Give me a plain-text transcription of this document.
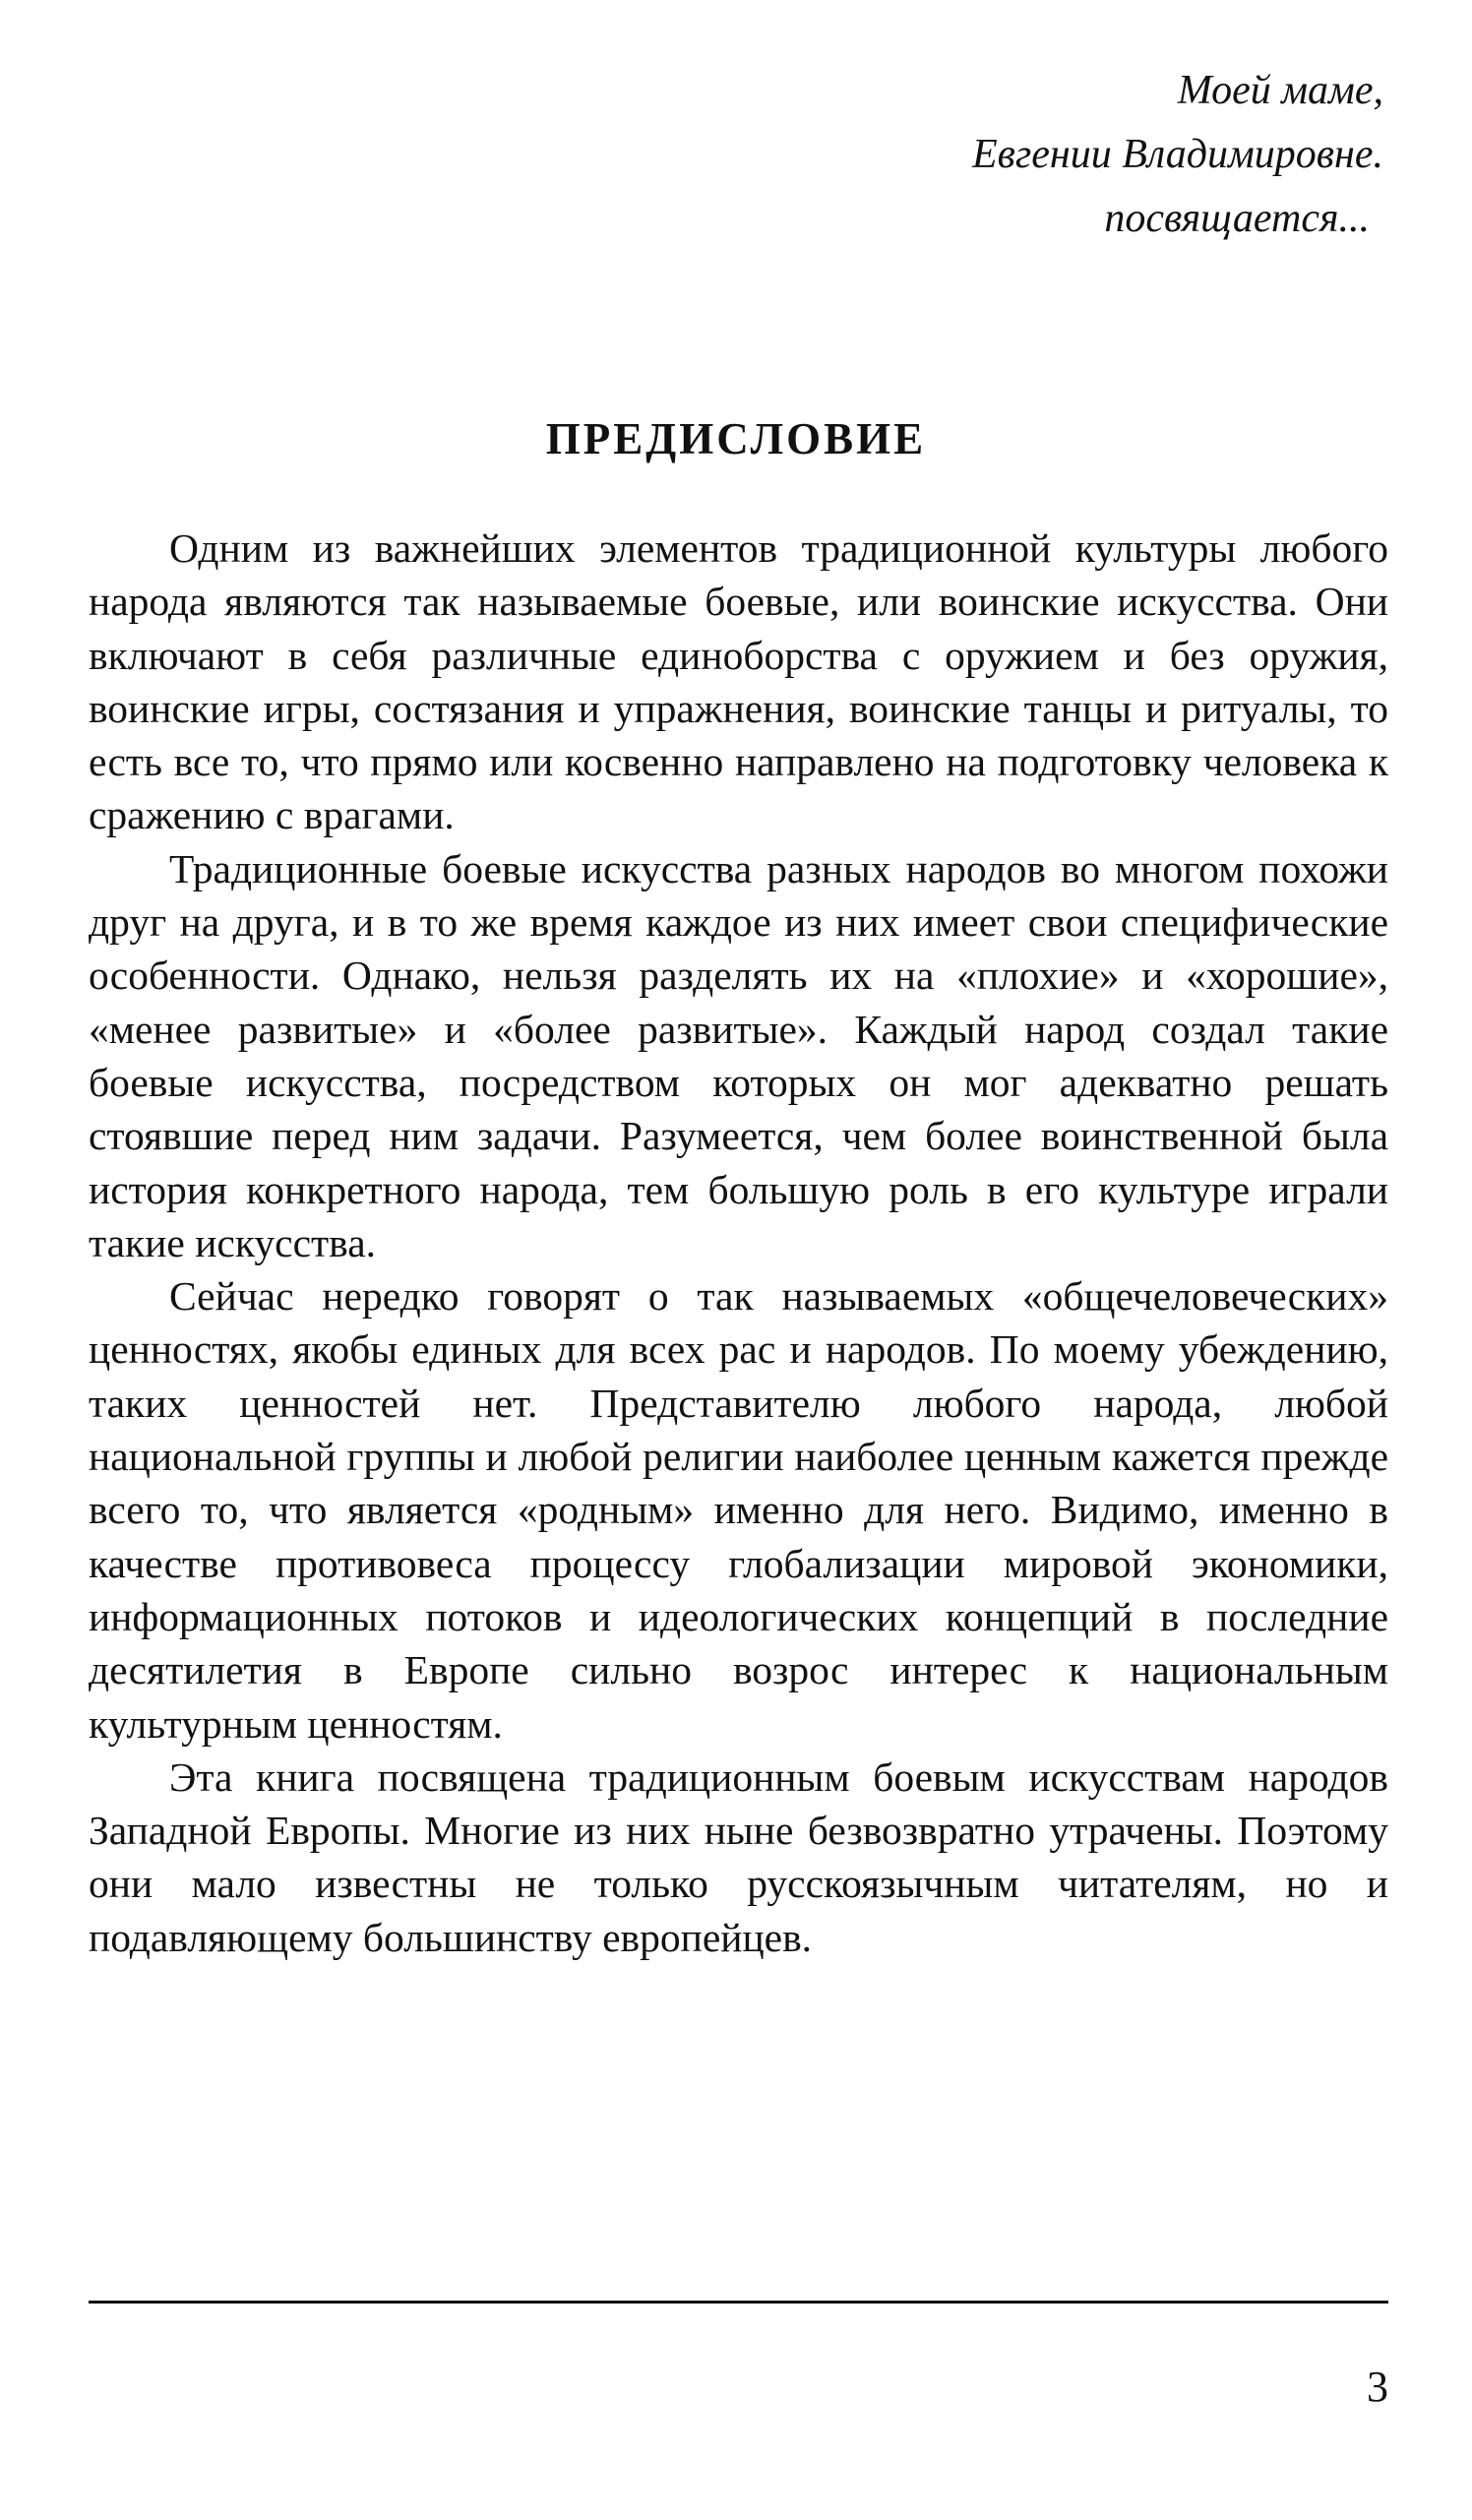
Моей маме,
Евгении Владимировне.
посвящается...
ПРЕДИСЛОВИЕ

Одним из важнейших элементов традиционной культуры любого народа являются так называемые боевые, или воинские искусства. Они включают в себя различные единоборства с оружием и без оружия, воинские игры, состязания и упражнения, воинские танцы и ритуалы, то есть все то, что прямо или косвенно направлено на подготовку человека к сражению с врагами.

Традиционные боевые искусства разных народов во многом похожи друг на друга, и в то же время каждое из них имеет свои специфические особенности. Однако, нельзя разделять их на «плохие» и «хорошие», «менее развитые» и «более развитые». Каждый народ создал такие боевые искусства, посредством которых он мог адекватно решать стоявшие перед ним задачи. Разумеется, чем более воинственной была история конкретного народа, тем большую роль в его культуре играли такие искусства.

Сейчас нередко говорят о так называемых «общечеловеческих» ценностях, якобы единых для всех рас и народов. По моему убеждению, таких ценностей нет. Представителю любого народа, любой национальной группы и любой религии наиболее ценным кажется прежде всего то, что является «родным» именно для него. Видимо, именно в качестве противовеса процессу глобализации мировой экономики, информационных потоков и идеологических концепций в последние десятилетия в Европе сильно возрос интерес к национальным культурным ценностям.

Эта книга посвящена традиционным боевым искусствам народов Западной Европы. Многие из них ныне безвозвратно утрачены. Поэтому они мало известны не только русскоязычным читателям, но и подавляющему большинству европейцев.

3
